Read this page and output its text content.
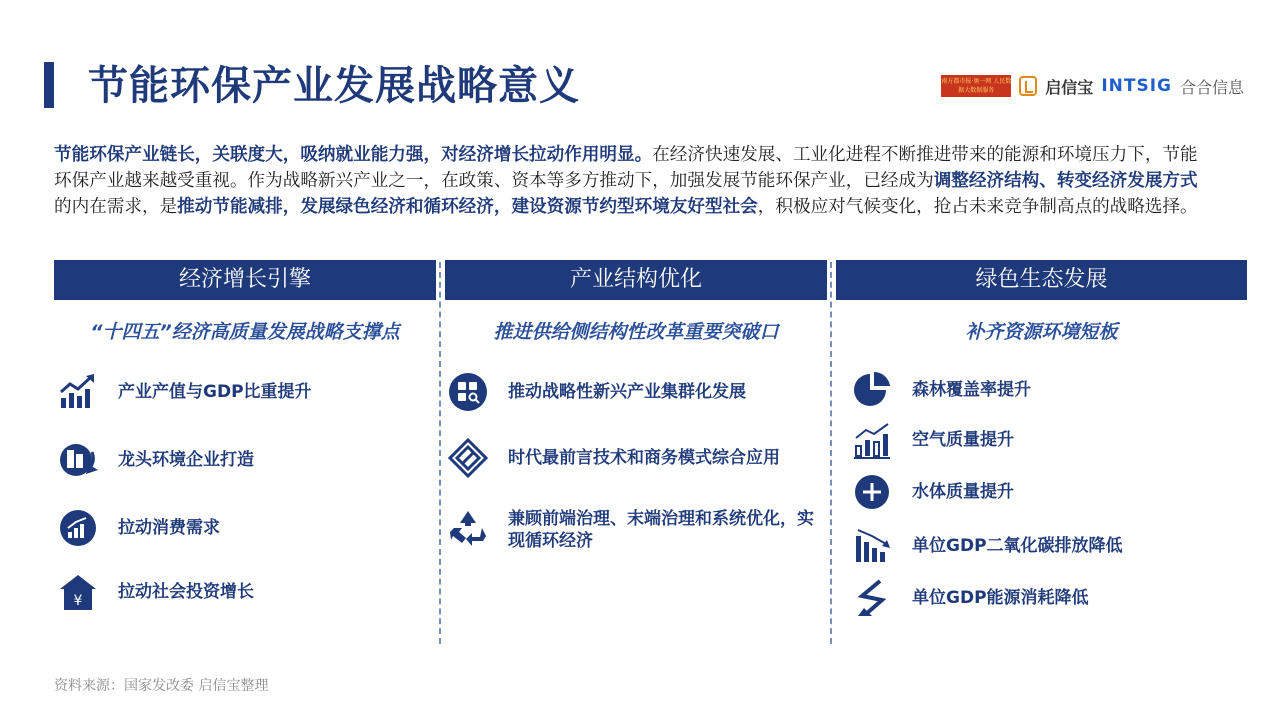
节能环保产业发展战略意义	南方都市报·奥一网 人民数据大数据服务	启信宝 INTSIG 合合信息
节能环保产业链长，关联度大，吸纳就业能力强，对经济增长拉动作用明显。在经济快速发展、工业化进程不断推进带来的能源和环境压力下，节能环保产业越来越受重视。作为战略新兴产业之一，在政策、资本等多方推动下，加强发展节能环保产业，已经成为调整经济结构、转变经济发展方式的内在需求，是推动节能减排，发展绿色经济和循环经济，建设资源节约型环境友好型社会，积极应对气候变化，抢占未来竞争制高点的战略选择。
经济增长引擎	产业结构优化	绿色生态发展
“十四五”经济高质量发展战略支撑点	推进供给侧结构性改革重要突破口	补齐资源环境短板
产业产值与GDP比重提升
龙头环境企业打造
拉动消费需求
¥ 拉动社会投资增长
推动战略性新兴产业集群化发展
时代最前言技术和商务模式综合应用
兼顾前端治理、末端治理和系统优化，实现循环经济
森林覆盖率提升
空气质量提升
水体质量提升
单位GDP二氧化碳排放降低
单位GDP能源消耗降低
资料来源：国家发改委 启信宝整理
